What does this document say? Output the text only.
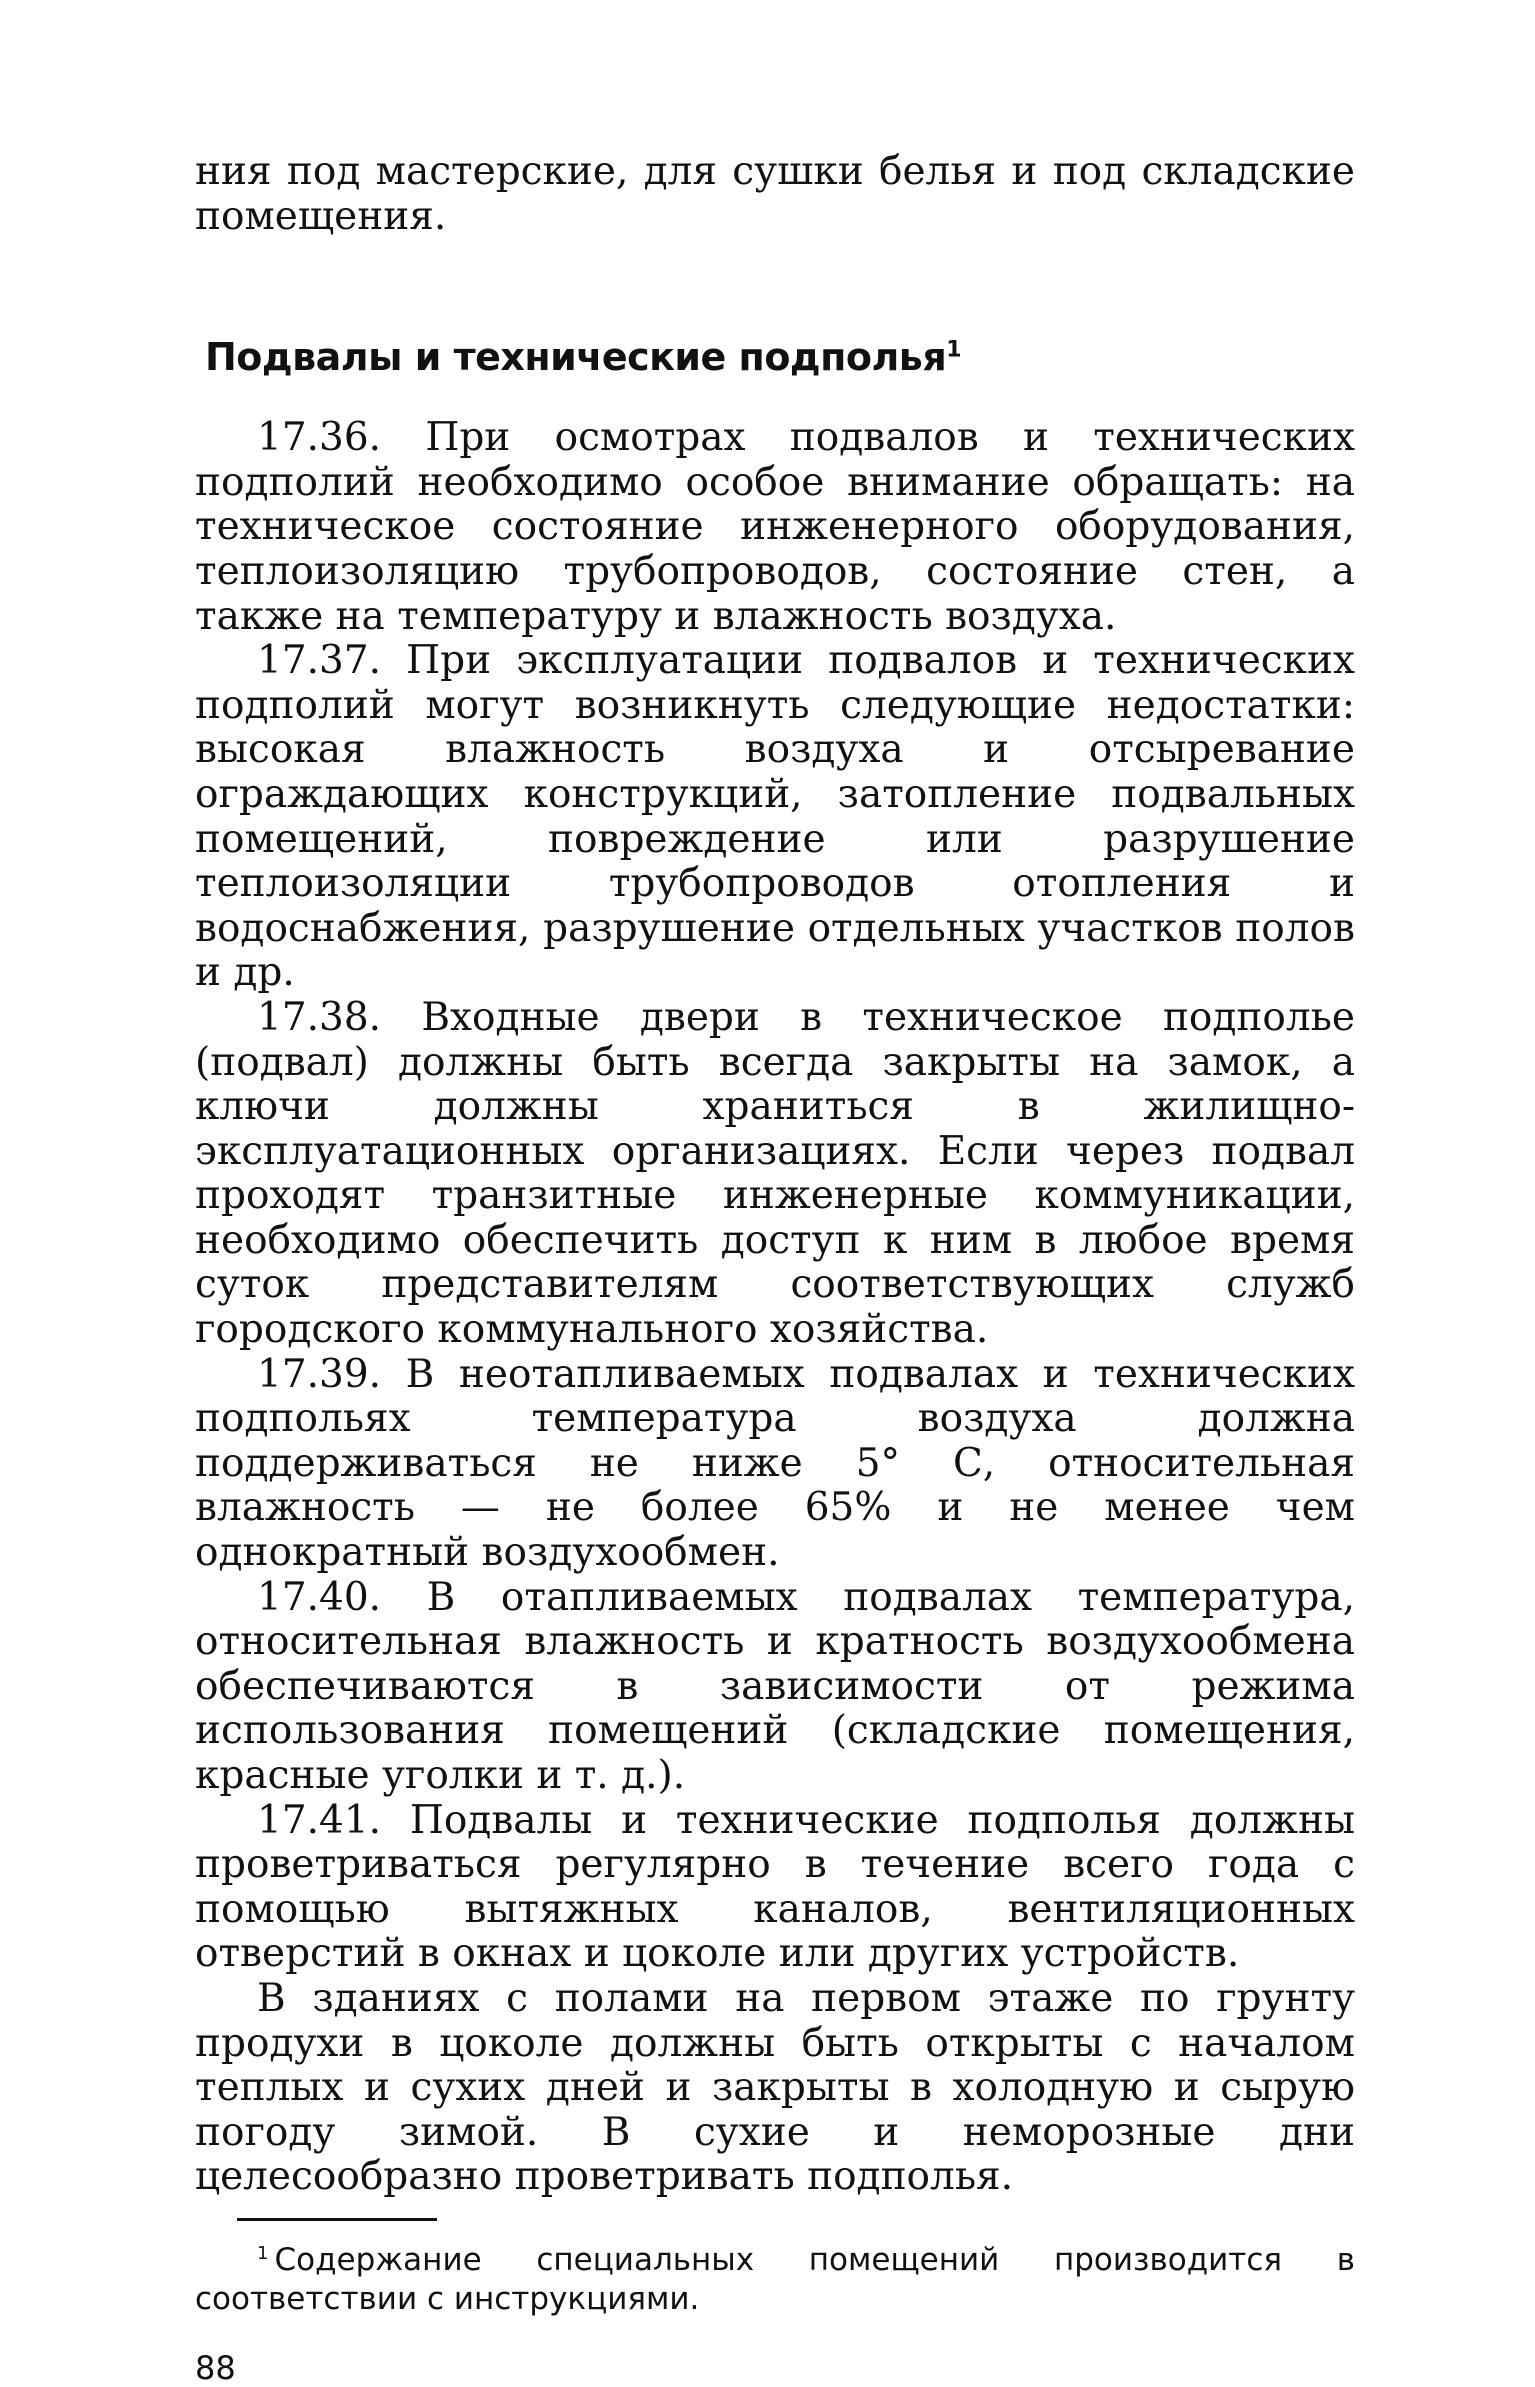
ния под мастерские, для сушки белья и под складские помещения.

Подвалы и технические подполья$^1$

17.36. При осмотрах подвалов и технических подполий необходимо особое внимание обращать: на техническое состояние инженерного оборудования, теплоизоляцию трубопроводов, состояние стен, а также на температуру и влажность воздуха.

17.37. При эксплуатации подвалов и технических подполий могут возникнуть следующие недостатки: высокая влажность воздуха и отсыревание ограждающих конструкций, затопление подвальных помещений, повреждение или разрушение теплоизоляции трубопроводов отопления и водоснабжения, разрушение отдельных участков полов и др.

17.38. Входные двери в техническое подполье (подвал) должны быть всегда закрыты на замок, а ключи должны храниться в жилищно-эксплуатационных организациях. Если через подвал проходят транзитные инженерные коммуникации, необходимо обеспечить доступ к ним в любое время суток представителям соответствующих служб городского коммунального хозяйства.

17.39. В неотапливаемых подвалах и технических подпольях температура воздуха должна поддерживаться не ниже 5° С, относительная влажность — не более 65% и не менее чем однократный воздухообмен.

17.40. В отапливаемых подвалах температура, относительная влажность и кратность воздухообмена обеспечиваются в зависимости от режима использования помещений (складские помещения, красные уголки и т. д.).

17.41. Подвалы и технические подполья должны проветриваться регулярно в течение всего года с помощью вытяжных каналов, вентиляционных отверстий в окнах и цоколе или других устройств.

В зданиях с полами на первом этаже по грунту продухи в цоколе должны быть открыты с началом теплых и сухих дней и закрыты в холодную и сырую погоду зимой. В сухие и неморозные дни целесообразно проветривать подполья.

$^1$ Содержание специальных помещений производится в соответствии с инструкциями.

88
